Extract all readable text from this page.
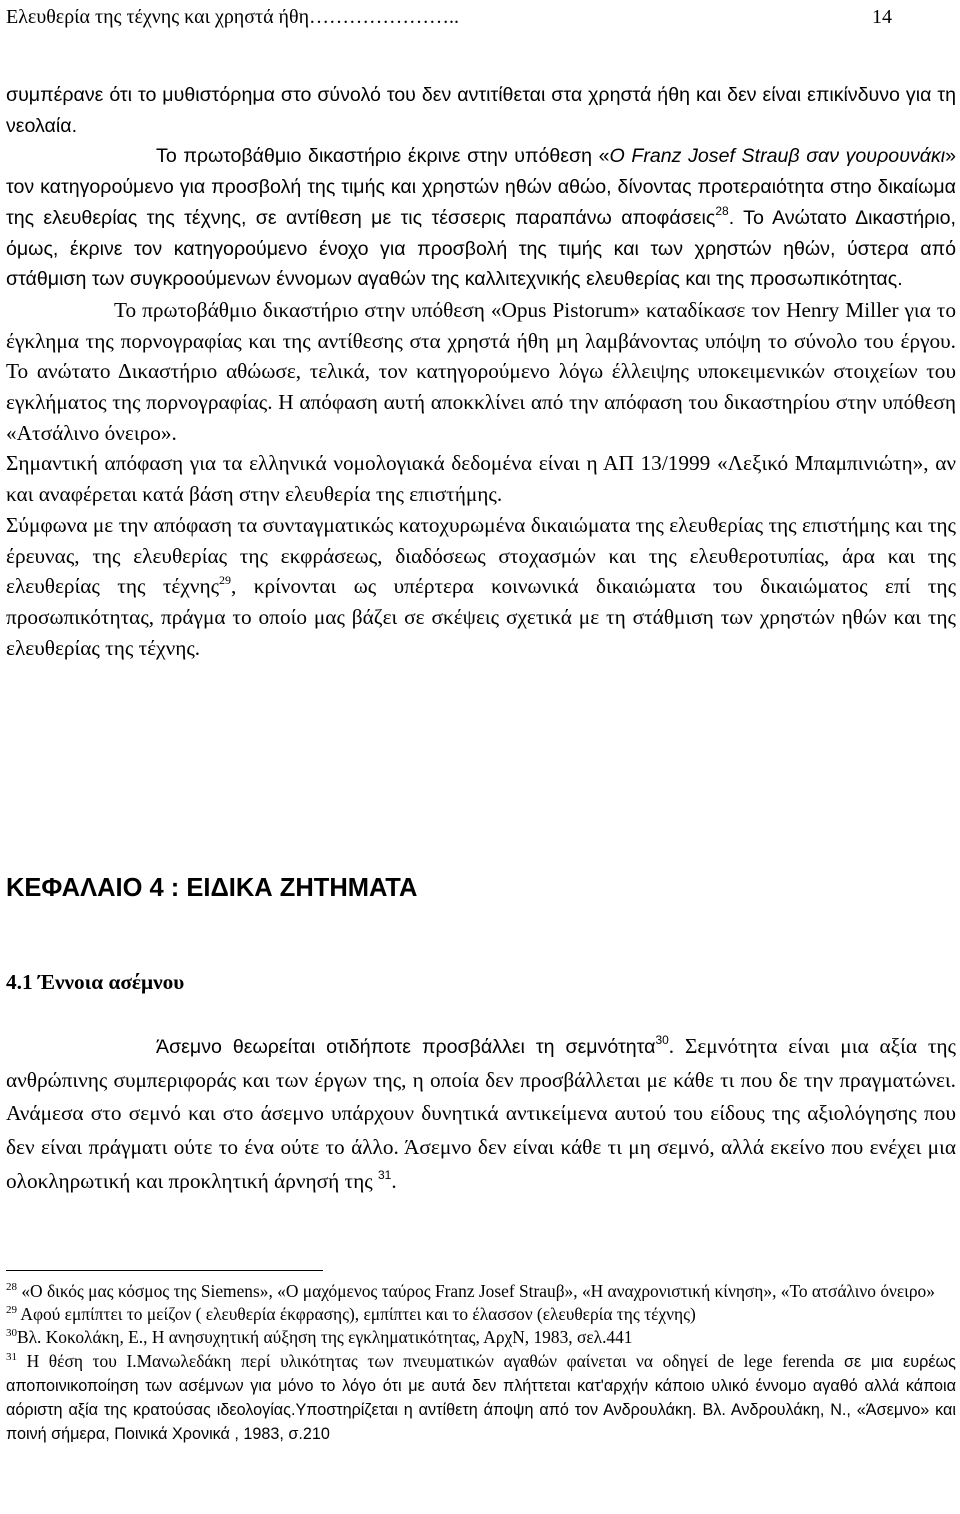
Ελευθερία της τέχνης και χρηστά ήθη…………………..	14

συμπέρανε ότι το μυθιστόρημα στο σύνολό του δεν αντιτίθεται στα χρηστά ήθη και δεν είναι επικίνδυνο για τη νεολαία.

Το πρωτοβάθμιο δικαστήριο έκρινε στην υπόθεση «Ο Franz Josef Strauβ σαν γουρουνάκι» τον κατηγορούμενο για προσβολή της τιμής και χρηστών ηθών αθώο, δίνοντας προτεραιότητα στηο δικαίωμα της ελευθερίας της τέχνης, σε αντίθεση με τις τέσσερις παραπάνω αποφάσεις$^{28}$. Το Ανώτατο Δικαστήριο, όμως, έκρινε τον κατηγορούμενο ένοχο για προσβολή της τιμής και των χρηστών ηθών, ύστερα από στάθμιση των συγκροούμενων έννομων αγαθών της καλλιτεχνικής ελευθερίας και της προσωπικότητας.

Το πρωτοβάθμιο δικαστήριο στην υπόθεση «Opus Pistorum» καταδίκασε τον Henry Miller για το έγκλημα της πορνογραφίας και της αντίθεσης στα χρηστά ήθη μη λαμβάνοντας υπόψη το σύνολο του έργου. Το ανώτατο Δικαστήριο αθώωσε, τελικά, τον κατηγορούμενο λόγω έλλειψης υποκειμενικών στοιχείων του εγκλήματος της πορνογραφίας. Η απόφαση αυτή αποκκλίνει από την απόφαση του δικαστηρίου στην υπόθεση «Ατσάλινο όνειρο».

Σημαντική απόφαση για τα ελληνικά νομολογιακά δεδομένα είναι η ΑΠ 13/1999 «Λεξικό Μπαμπινιώτη», αν και αναφέρεται κατά βάση στην ελευθερία της επιστήμης.

Σύμφωνα με την απόφαση τα συνταγματικώς κατοχυρωμένα δικαιώματα της ελευθερίας της επιστήμης και της έρευνας, της ελευθερίας της εκφράσεως, διαδόσεως στοχασμών και της ελευθεροτυπίας, άρα και της ελευθερίας της τέχνης$^{29}$, κρίνονται ως υπέρτερα κοινωνικά δικαιώματα του δικαιώματος επί της προσωπικότητας, πράγμα το οποίο μας βάζει σε σκέψεις σχετικά με τη στάθμιση των χρηστών ηθών και της ελευθερίας της τέχνης.

ΚΕΦΑΛΑΙΟ 4 : ΕΙΔΙΚΑ ΖΗΤΗΜΑΤΑ
4.1 Έννοια ασέμνου

Άσεμνο θεωρείται οτιδήποτε προσβάλλει τη σεμνότητα$^{30}$. Σεμνότητα είναι μια αξία της ανθρώπινης συμπεριφοράς και των έργων της, η οποία δεν προσβάλλεται με κάθε τι που δε την πραγματώνει. Ανάμεσα στο σεμνό και στο άσεμνο υπάρχουν δυνητικά αντικείμενα αυτού του είδους της αξιολόγησης που δεν είναι πράγματι ούτε το ένα ούτε το άλλο. Άσεμνο δεν είναι κάθε τι μη σεμνό, αλλά εκείνο που ενέχει μια ολοκληρωτική και προκλητική άρνησή της $^{31}$.

$^{28}$ «Ο δικός μας κόσμος της Siemens», «Ο μαχόμενος ταύρος Franz Josef Strauβ», «Η αναχρονιστική κίνηση», «Το ατσάλινο όνειρο»

$^{29}$ Αφού εμπίπτει το μείζον ( ελευθερία έκφρασης), εμπίπτει και το έλασσον (ελευθερία της τέχνης)

$^{30}$Βλ. Κοκολάκη, Ε., Η ανησυχητική αύξηση της εγκληματικότητας, ΑρχΝ, 1983, σελ.441

$^{31}$ Η θέση του Ι.Μανωλεδάκη περί υλικότητας των πνευματικών αγαθών φαίνεται να οδηγεί de lege ferenda σε μια ευρέως αποποινικοποίηση των ασέμνων για μόνο το λόγο ότι με αυτά δεν πλήττεται κατ'αρχήν κάποιο υλικό έννομο αγαθό αλλά κάποια αόριστη αξία της κρατούσας ιδεολογίας.Υποστηρίζεται η αντίθετη άποψη από τον Ανδρουλάκη. Βλ. Ανδρουλάκη, Ν., «Άσεμνο» και ποινή σήμερα, Ποινικά Χρονικά , 1983, σ.210
